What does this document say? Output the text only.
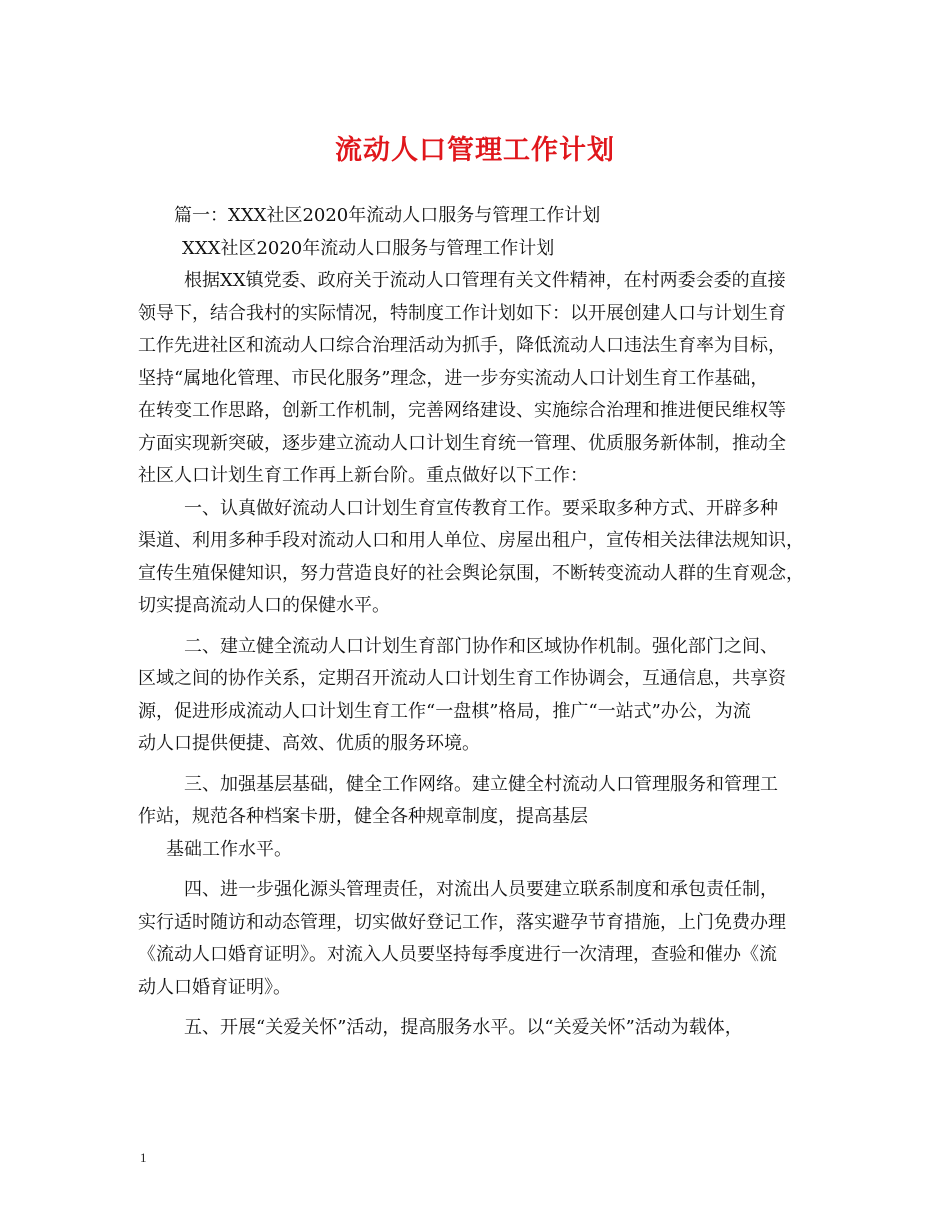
流动人口管理工作计划
篇一：XXX社区2020年流动人口服务与管理工作计划
XXX社区2020年流动人口服务与管理工作计划
根据XX镇党委、政府关于流动人口管理有关文件精神，在村两委会委的直接
领导下，结合我村的实际情况，特制度工作计划如下：以开展创建人口与计划生育
工作先进社区和流动人口综合治理活动为抓手，降低流动人口违法生育率为目标，
坚持“属地化管理、市民化服务”理念，进一步夯实流动人口计划生育工作基础，
在转变工作思路，创新工作机制，完善网络建设、实施综合治理和推进便民维权等
方面实现新突破，逐步建立流动人口计划生育统一管理、优质服务新体制，推动全
社区人口计划生育工作再上新台阶。重点做好以下工作：
一、认真做好流动人口计划生育宣传教育工作。要采取多种方式、开辟多种
渠道、利用多种手段对流动人口和用人单位、房屋出租户，宣传相关法律法规知识，
宣传生殖保健知识，努力营造良好的社会舆论氛围，不断转变流动人群的生育观念，
切实提高流动人口的保健水平。
二、建立健全流动人口计划生育部门协作和区域协作机制。强化部门之间、
区域之间的协作关系，定期召开流动人口计划生育工作协调会，互通信息，共享资
源，促进形成流动人口计划生育工作“一盘棋”格局，推广“一站式”办公，为流
动人口提供便捷、高效、优质的服务环境。
三、加强基层基础，健全工作网络。建立健全村流动人口管理服务和管理工
作站，规范各种档案卡册，健全各种规章制度，提高基层
基础工作水平。
四、进一步强化源头管理责任，对流出人员要建立联系制度和承包责任制，
实行适时随访和动态管理，切实做好登记工作，落实避孕节育措施，上门免费办理
《流动人口婚育证明》。对流入人员要坚持每季度进行一次清理，查验和催办《流
动人口婚育证明》。
五、开展“关爱关怀”活动，提高服务水平。以“关爱关怀”活动为载体，
1
